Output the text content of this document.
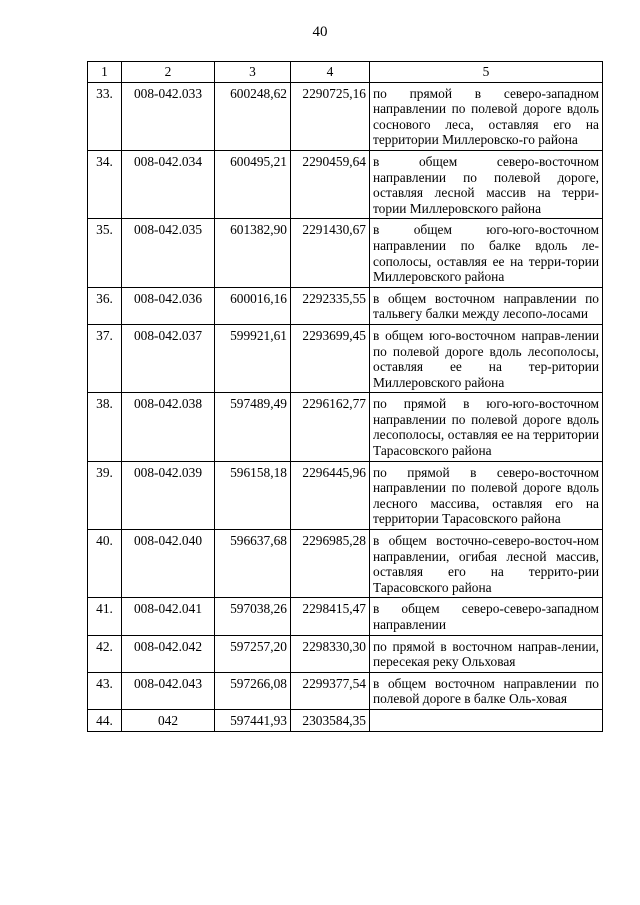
40
1	2	3	4	5
33.	008-042.033	600248,62	2290725,16	по прямой в северо-западном направлении по полевой дороге вдоль соснового леса, оставляя его на территории Миллеровско-го района
34.	008-042.034	600495,21	2290459,64	в общем северо-восточном направлении по полевой дороге, оставляя лесной массив на терри-тории Миллеровского района
35.	008-042.035	601382,90	2291430,67	в общем юго-юго-восточном направлении по балке вдоль ле-сополосы, оставляя ее на терри-тории Миллеровского района
36.	008-042.036	600016,16	2292335,55	в общем восточном направлении по тальвегу балки между лесопо-лосами
37.	008-042.037	599921,61	2293699,45	в общем юго-восточном направ-лении по полевой дороге вдоль лесополосы, оставляя ее на тер-ритории Миллеровского района
38.	008-042.038	597489,49	2296162,77	по прямой в юго-юго-восточном направлении по полевой дороге вдоль лесополосы, оставляя ее на территории Тарасовского района
39.	008-042.039	596158,18	2296445,96	по прямой в северо-восточном направлении по полевой дороге вдоль лесного массива, оставляя его на территории Тарасовского района
40.	008-042.040	596637,68	2296985,28	в общем восточно-северо-восточ-ном направлении, огибая лесной массив, оставляя его на террито-рии Тарасовского района
41.	008-042.041	597038,26	2298415,47	в общем северо-северо-западном направлении
42.	008-042.042	597257,20	2298330,30	по прямой в восточном направ-лении, пересекая реку Ольховая
43.	008-042.043	597266,08	2299377,54	в общем восточном направлении по полевой дороге в балке Оль-ховая
44.	042	597441,93	2303584,35	
